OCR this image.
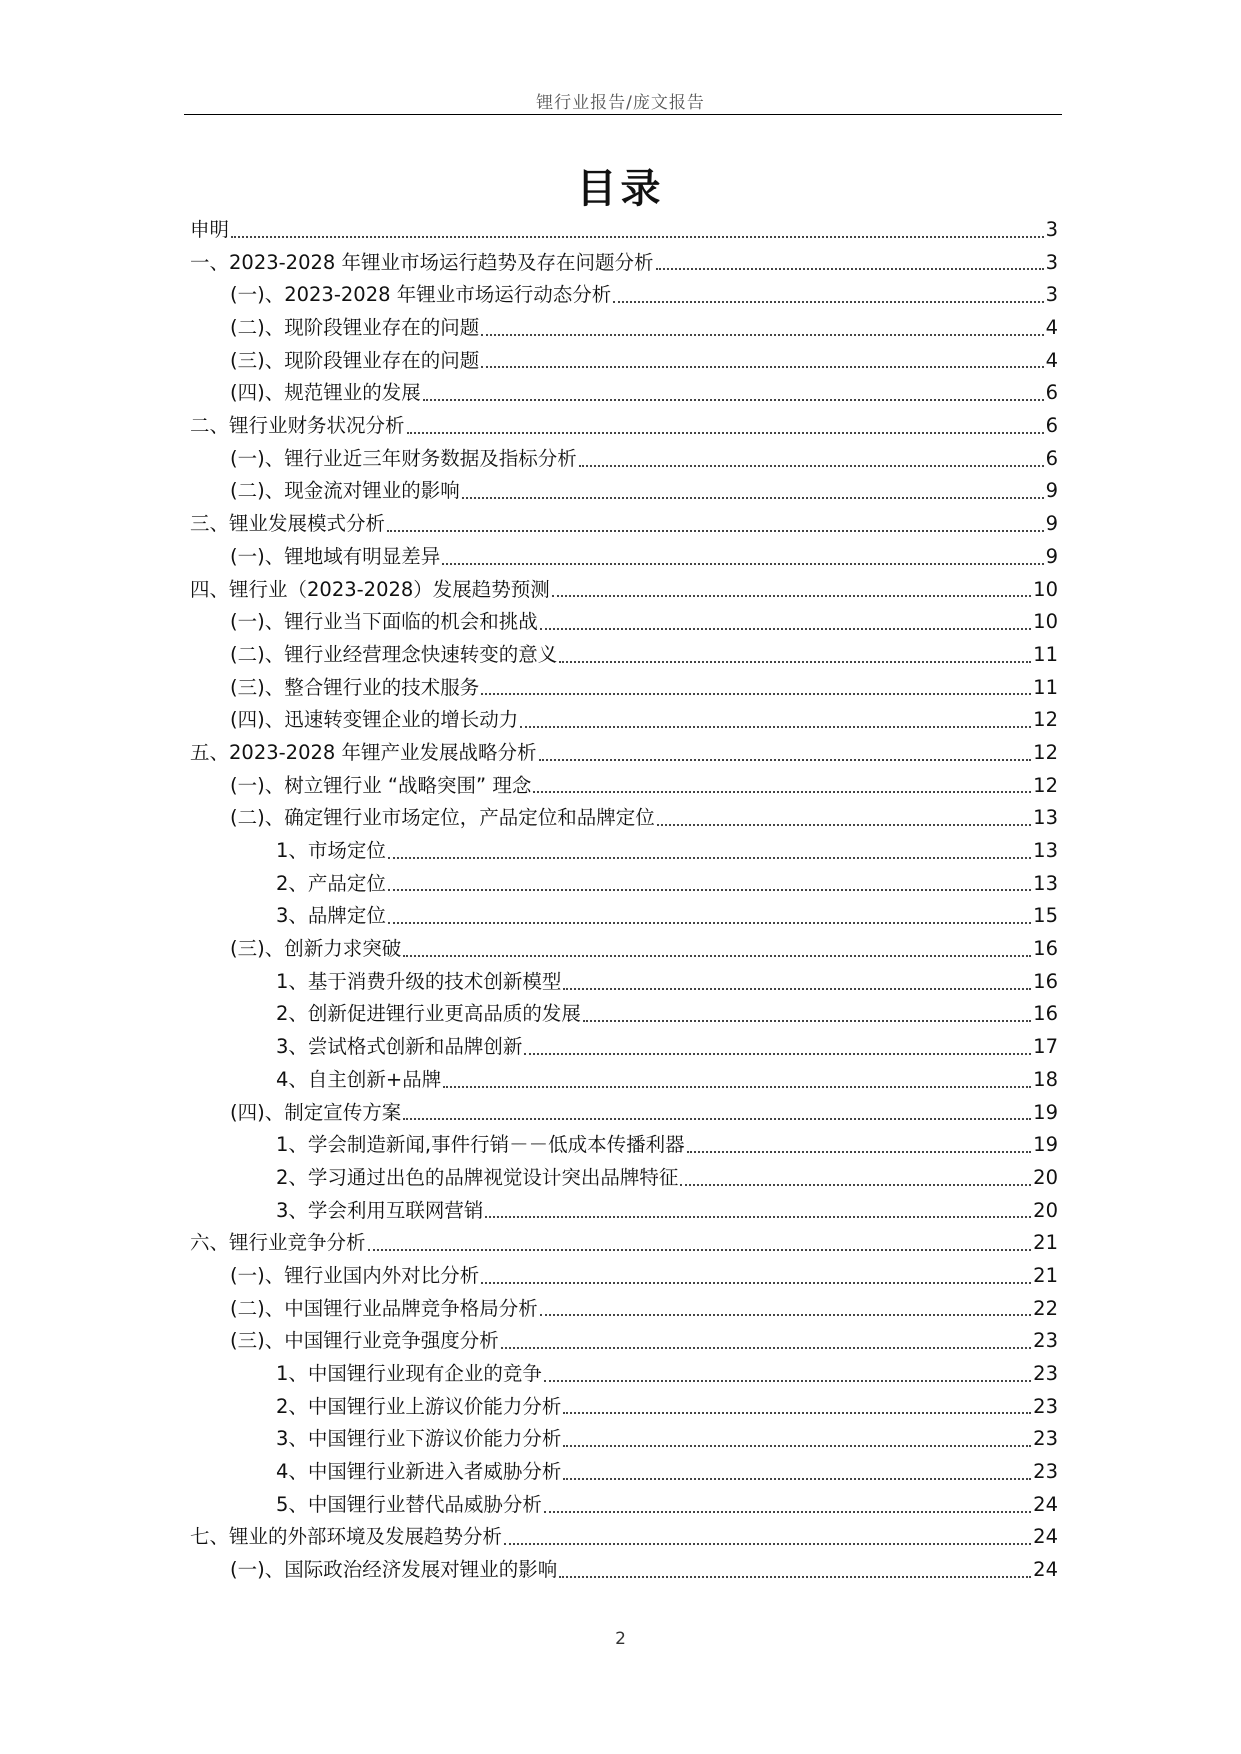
锂行业报告/庞文报告
目录
申明	3
一、2023-2028 年锂业市场运行趋势及存在问题分析	3
(一)、2023-2028 年锂业市场运行动态分析	3
(二)、现阶段锂业存在的问题	4
(三)、现阶段锂业存在的问题	4
(四)、规范锂业的发展	6
二、锂行业财务状况分析	6
(一)、锂行业近三年财务数据及指标分析	6
(二)、现金流对锂业的影响	9
三、锂业发展模式分析	9
(一)、锂地域有明显差异	9
四、锂行业（2023-2028）发展趋势预测	10
(一)、锂行业当下面临的机会和挑战	10
(二)、锂行业经营理念快速转变的意义	11
(三)、整合锂行业的技术服务	11
(四)、迅速转变锂企业的增长动力	12
五、2023-2028 年锂产业发展战略分析	12
(一)、树立锂行业 “战略突围” 理念	12
(二)、确定锂行业市场定位，产品定位和品牌定位	13
1、市场定位	13
2、产品定位	13
3、品牌定位	15
(三)、创新力求突破	16
1、基于消费升级的技术创新模型	16
2、创新促进锂行业更高品质的发展	16
3、尝试格式创新和品牌创新	17
4、自主创新+品牌	18
(四)、制定宣传方案	19
1、学会制造新闻,事件行销－－低成本传播利器	19
2、学习通过出色的品牌视觉设计突出品牌特征	20
3、学会利用互联网营销	20
六、锂行业竞争分析	21
(一)、锂行业国内外对比分析	21
(二)、中国锂行业品牌竞争格局分析	22
(三)、中国锂行业竞争强度分析	23
1、中国锂行业现有企业的竞争	23
2、中国锂行业上游议价能力分析	23
3、中国锂行业下游议价能力分析	23
4、中国锂行业新进入者威胁分析	23
5、中国锂行业替代品威胁分析	24
七、锂业的外部环境及发展趋势分析	24
(一)、国际政治经济发展对锂业的影响	24
2
